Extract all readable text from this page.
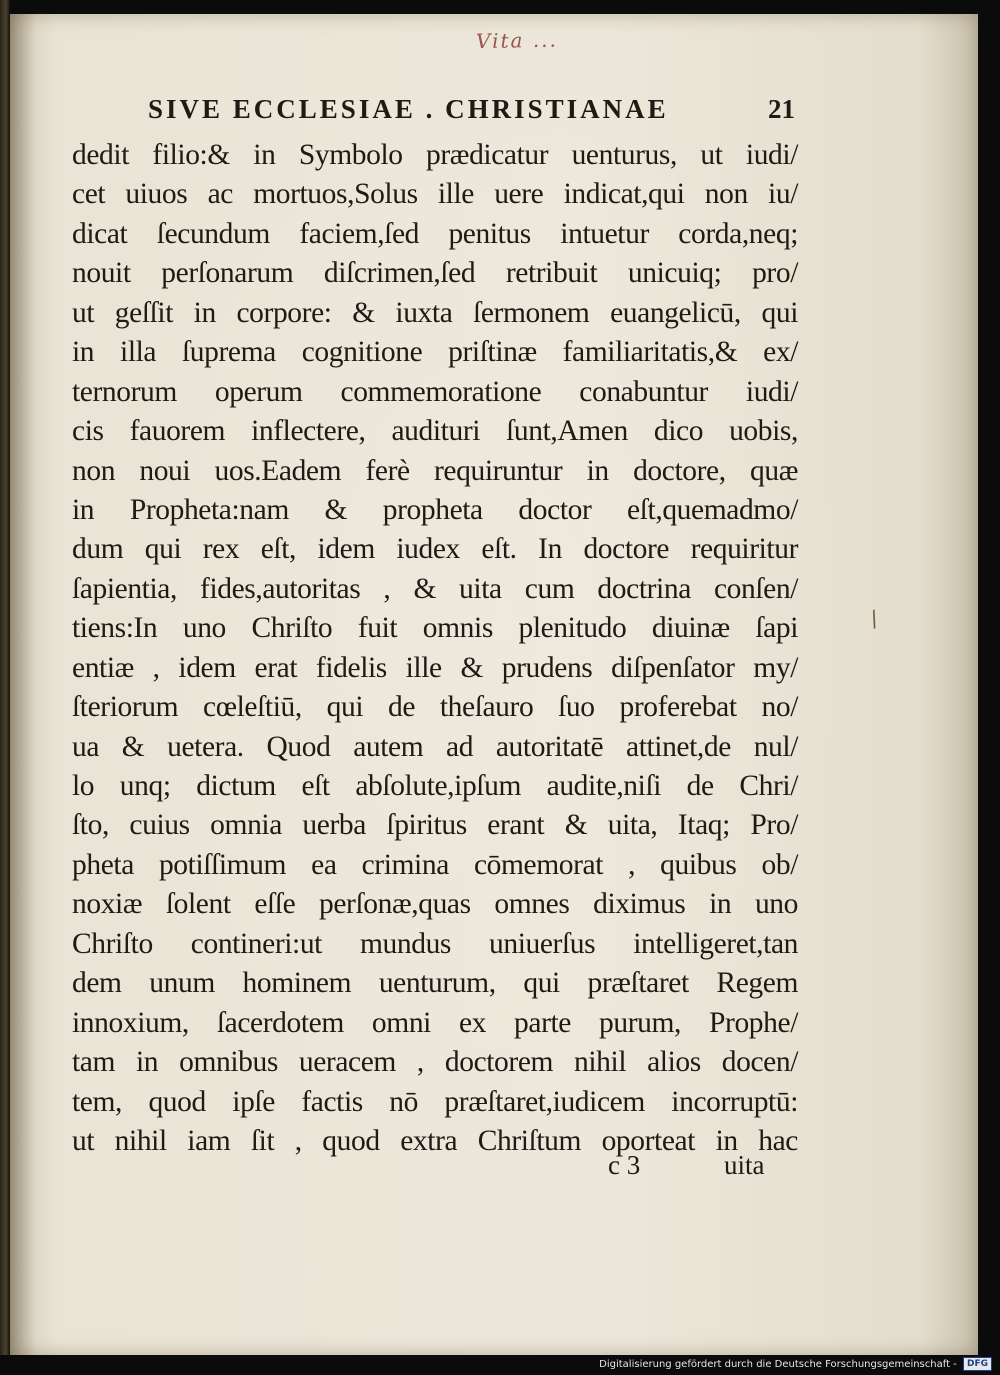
Vita ...
SIVE ECCLESIAE . CHRISTIANAE	21
dedit filio:& in Symbolo prædicatur uenturus, ut iudi/
cet uiuos ac mortuos,Solus ille uere indicat,qui non iu/
dicat ſecundum faciem,ſed penitus intuetur corda,neq;
nouit perſonarum diſcrimen,ſed retribuit unicuiq; pro/
ut geſſit in corpore: & iuxta ſermonem euangelicū, qui
in illa ſuprema cognitione priſtinæ familiaritatis,& ex/
ternorum operum commemoratione conabuntur iudi/
cis fauorem inflectere, audituri ſunt,Amen dico uobis,
non noui uos.Eadem ferè requiruntur in doctore, quæ
in Propheta:nam & propheta doctor eſt,quemadmo/
dum qui rex eſt, idem iudex eſt. In doctore requiritur
ſapientia, fides,autoritas , & uita cum doctrina conſen/
tiens:In uno Chriſto fuit omnis plenitudo diuinæ ſapi
entiæ , idem erat fidelis ille & prudens diſpenſator my/
ſteriorum cœleſtiū, qui de theſauro ſuo proferebat no/
ua & uetera. Quod autem ad autoritatē attinet,de nul/
lo unq; dictum eſt abſolute,ipſum audite,niſi de Chri/
ſto, cuius omnia uerba ſpiritus erant & uita, Itaq; Pro/
pheta potiſſimum ea crimina cōmemorat , quibus ob/
noxiæ ſolent eſſe perſonæ,quas omnes diximus in uno
Chriſto contineri:ut mundus uniuerſus intelligeret,tan
dem unum hominem uenturum, qui præſtaret Regem
innoxium, ſacerdotem omni ex parte purum, Prophe/
tam in omnibus ueracem , doctorem nihil alios docen/
tem, quod ipſe factis nō præſtaret,iudicem incorruptū:
ut nihil iam ſit , quod extra Chriſtum oporteat in hac
/
c 3	uita
Digitalisierung gefördert durch die Deutsche Forschungsgemeinschaft - DFG
